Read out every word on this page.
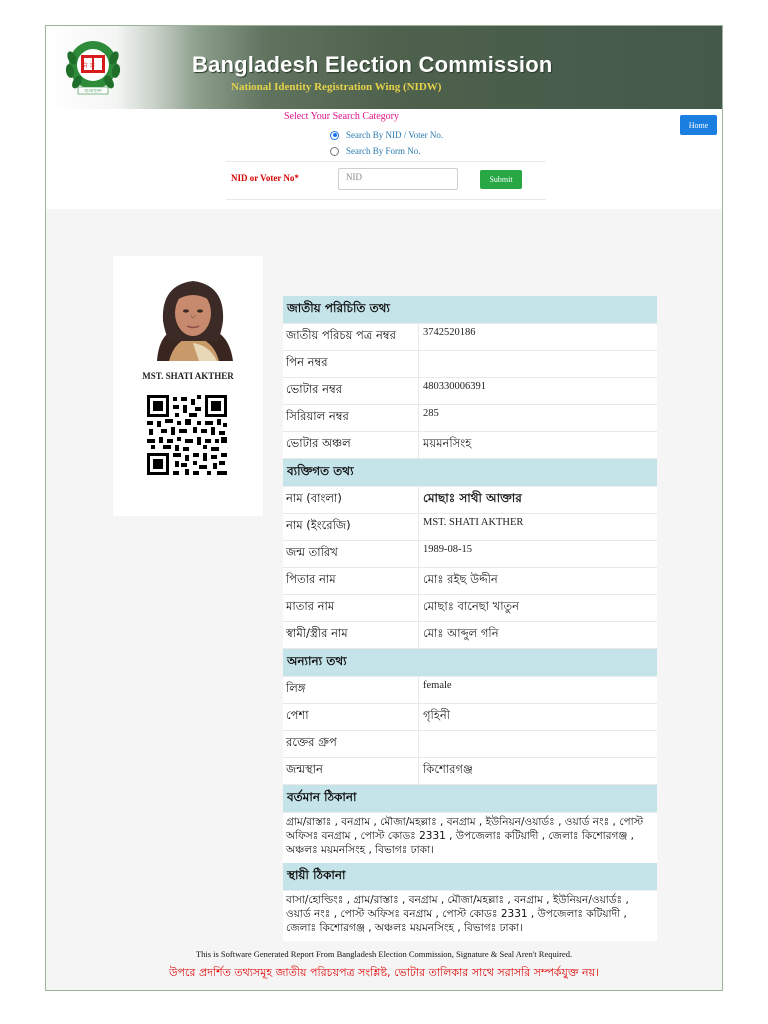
নি ক
বাংলাদেশ
Bangladesh Election Commission
National Identity Registration Wing (NIDW)
Select Your Search Category
Search By NID / Voter No.
Search By Form No.
NID or Voter No*	NID	Submit
Home
MST. SHATI AKTHER
জাতীয় পরিচিতি তথ্য
জাতীয় পরিচয় পত্র নম্বর	3742520186
পিন নম্বর
ভোটার নম্বর	480330006391
সিরিয়াল নম্বর	285
ভোটার অঞ্চল	ময়মনসিংহ
ব্যক্তিগত তথ্য
নাম (বাংলা)	মোছাঃ সাথী আক্তার
নাম (ইংরেজি)	MST. SHATI AKTHER
জন্ম তারিখ	1989-08-15
পিতার নাম	মোঃ রইছ উদ্দীন
মাতার নাম	মোছাঃ বানেছা খাতুন
স্বামী/স্ত্রীর নাম	মোঃ আব্দুল গনি
অন্যান্য তথ্য
লিঙ্গ	female
পেশা	গৃহিনী
রক্তের গ্রুপ
জন্মস্থান	কিশোরগঞ্জ
বর্তমান ঠিকানা
গ্রাম/রাস্তাঃ , বনগ্রাম , মৌজা/মহল্লাঃ , বনগ্রাম , ইউনিয়ন/ওয়ার্ডঃ , ওয়ার্ড নংঃ , পোস্ট অফিসঃ বনগ্রাম , পোস্ট কোডঃ 2331 , উপজেলাঃ কটিয়াদী , জেলাঃ কিশোরগঞ্জ , অঞ্চলঃ ময়মনসিংহ , বিভাগঃ ঢাকা।
স্থায়ী ঠিকানা
বাসা/হোল্ডিংঃ , গ্রাম/রাস্তাঃ , বনগ্রাম , মৌজা/মহল্লাঃ , বনগ্রাম , ইউনিয়ন/ওয়ার্ডঃ , ওয়ার্ড নংঃ , পোস্ট অফিসঃ বনগ্রাম , পোস্ট কোডঃ 2331 , উপজেলাঃ কটিয়াদী , জেলাঃ কিশোরগঞ্জ , অঞ্চলঃ ময়মনসিংহ , বিভাগঃ ঢাকা।
This is Software Generated Report From Bangladesh Election Commission, Signature & Seal Aren't Required.
উপরে প্রদর্শিত তথ্যসমূহ জাতীয় পরিচয়পত্র সংশ্লিষ্ট, ভোটার তালিকার সাথে সরাসরি সম্পর্কযুক্ত নয়।
